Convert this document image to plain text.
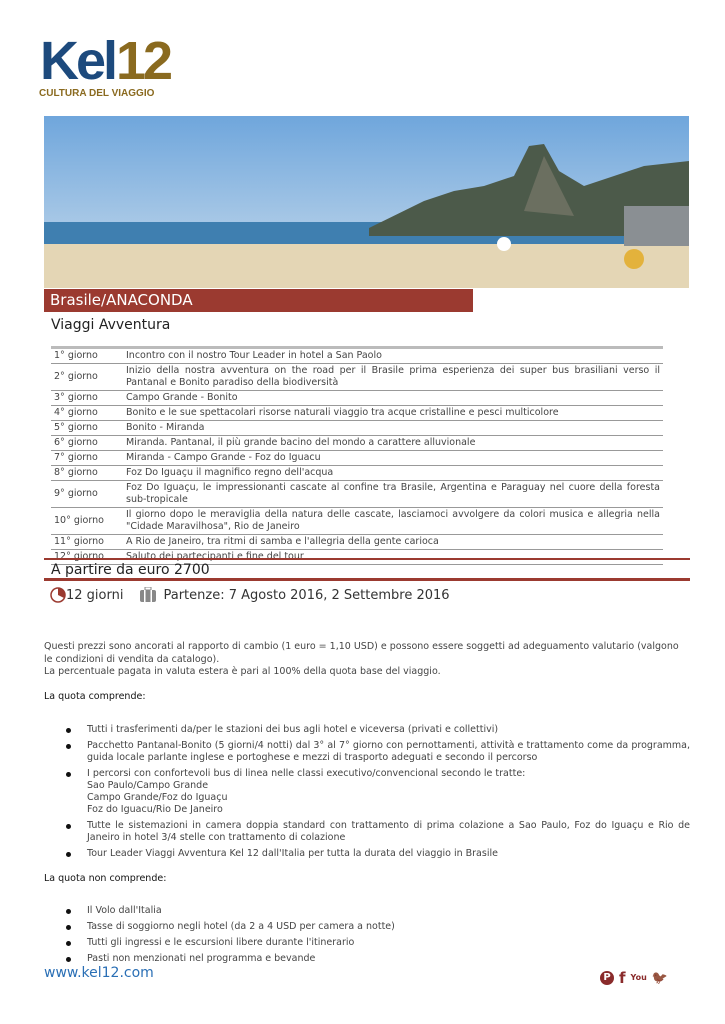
Kel 12
CULTURA DEL VIAGGIO
Brasile/ANACONDA
Viaggi Avventura
1° giorno	Incontro con il nostro Tour Leader in hotel a San Paolo
2° giorno	Inizio della nostra avventura on the road per il Brasile prima esperienza dei super bus brasiliani verso il Pantanal e Bonito paradiso della biodiversità
3° giorno	Campo Grande - Bonito
4° giorno	Bonito e le sue spettacolari risorse naturali viaggio tra acque cristalline e pesci multicolore
5° giorno	Bonito - Miranda
6° giorno	Miranda. Pantanal, il più grande bacino del mondo a carattere alluvionale
7° giorno	Miranda - Campo Grande - Foz do Iguacu
8° giorno	Foz Do Iguaçu il magnifico regno dell'acqua
9° giorno	Foz Do Iguaçu, le impressionanti cascate al confine tra Brasile, Argentina e Paraguay nel cuore della foresta sub-tropicale
10° giorno	Il giorno dopo le meraviglia della natura delle cascate, lasciamoci avvolgere da colori musica e allegria nella "Cidade Maravilhosa", Rio de Janeiro
11° giorno	A Rio de Janeiro, tra ritmi di samba e l'allegria della gente carioca
12° giorno	Saluto dei partecipanti e fine del tour
A partire da euro 2700
12 giorni	Partenze: 7 Agosto 2016, 2 Settembre 2016
Questi prezzi sono ancorati al rapporto di cambio (1 euro = 1,10 USD) e possono essere soggetti ad adeguamento valutario (valgono le condizioni di vendita da catalogo).
La percentuale pagata in valuta estera è pari al 100% della quota base del viaggio.
La quota comprende:
Tutti i trasferimenti da/per le stazioni dei bus agli hotel e viceversa (privati e collettivi)
Pacchetto Pantanal-Bonito (5 giorni/4 notti) dal 3° al 7° giorno con pernottamenti, attività e trattamento come da programma, guida locale parlante inglese e portoghese e mezzi di trasporto adeguati e secondo il percorso
I percorsi con confortevoli bus di linea nelle classi executivo/convencional secondo le tratte:
Sao Paulo/Campo Grande
Campo Grande/Foz do Iguaçu
Foz do Iguacu/Rio De Janeiro
Tutte le sistemazioni in camera doppia standard con trattamento di prima colazione a Sao Paulo, Foz do Iguaçu e Rio de Janeiro in hotel 3/4 stelle con trattamento di colazione
Tour Leader Viaggi Avventura Kel 12 dall'Italia per tutta la durata del viaggio in Brasile
La quota non comprende:
Il Volo dall'Italia
Tasse di soggiorno negli hotel (da 2 a 4 USD per camera a notte)
Tutti gli ingressi e le escursioni libere durante l'itinerario
Pasti non menzionati nel programma e bevande
www.kel12.com	P f You 🐦
